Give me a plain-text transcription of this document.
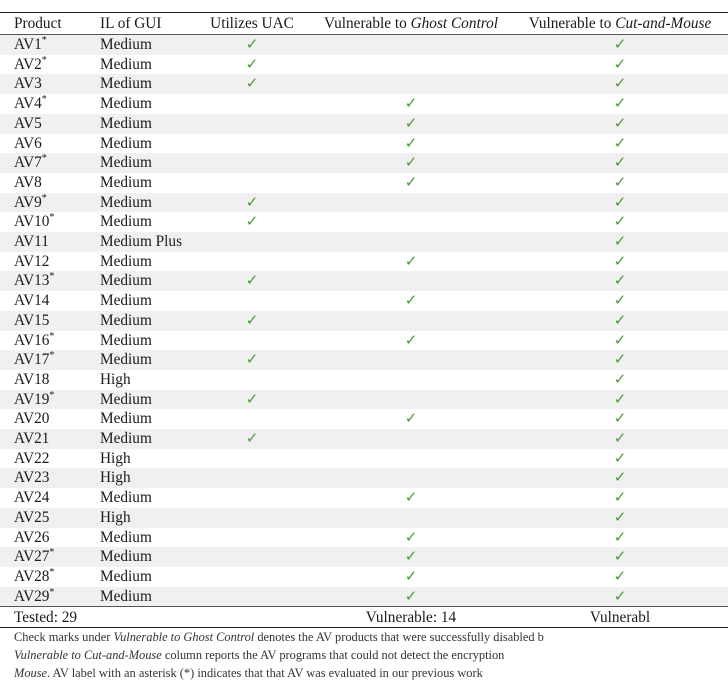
Product	IL of GUI	Utilizes UAC	Vulnerable to Ghost Control	Vulnerable to Cut-and-Mouse
AV1*	Medium	✓		✓
AV2*	Medium	✓		✓
AV3	Medium	✓		✓
AV4*	Medium		✓	✓
AV5	Medium		✓	✓
AV6	Medium		✓	✓
AV7*	Medium		✓	✓
AV8	Medium		✓	✓
AV9*	Medium	✓		✓
AV10*	Medium	✓		✓
AV11	Medium Plus			✓
AV12	Medium		✓	✓
AV13*	Medium	✓		✓
AV14	Medium		✓	✓
AV15	Medium	✓		✓
AV16*	Medium		✓	✓
AV17*	Medium	✓		✓
AV18	High			✓
AV19*	Medium	✓		✓
AV20	Medium		✓	✓
AV21	Medium	✓		✓
AV22	High			✓
AV23	High			✓
AV24	Medium		✓	✓
AV25	High			✓
AV26	Medium		✓	✓
AV27*	Medium		✓	✓
AV28*	Medium		✓	✓
AV29*	Medium		✓	✓
Tested: 29			Vulnerable: 14	Vulnerabl
Check marks under Vulnerable to Ghost Control denotes the AV products that were successfully disabled b
Vulnerable to Cut-and-Mouse column reports the AV programs that could not detect the encryption
Mouse. AV label with an asterisk (*) indicates that that AV was evaluated in our previous work
